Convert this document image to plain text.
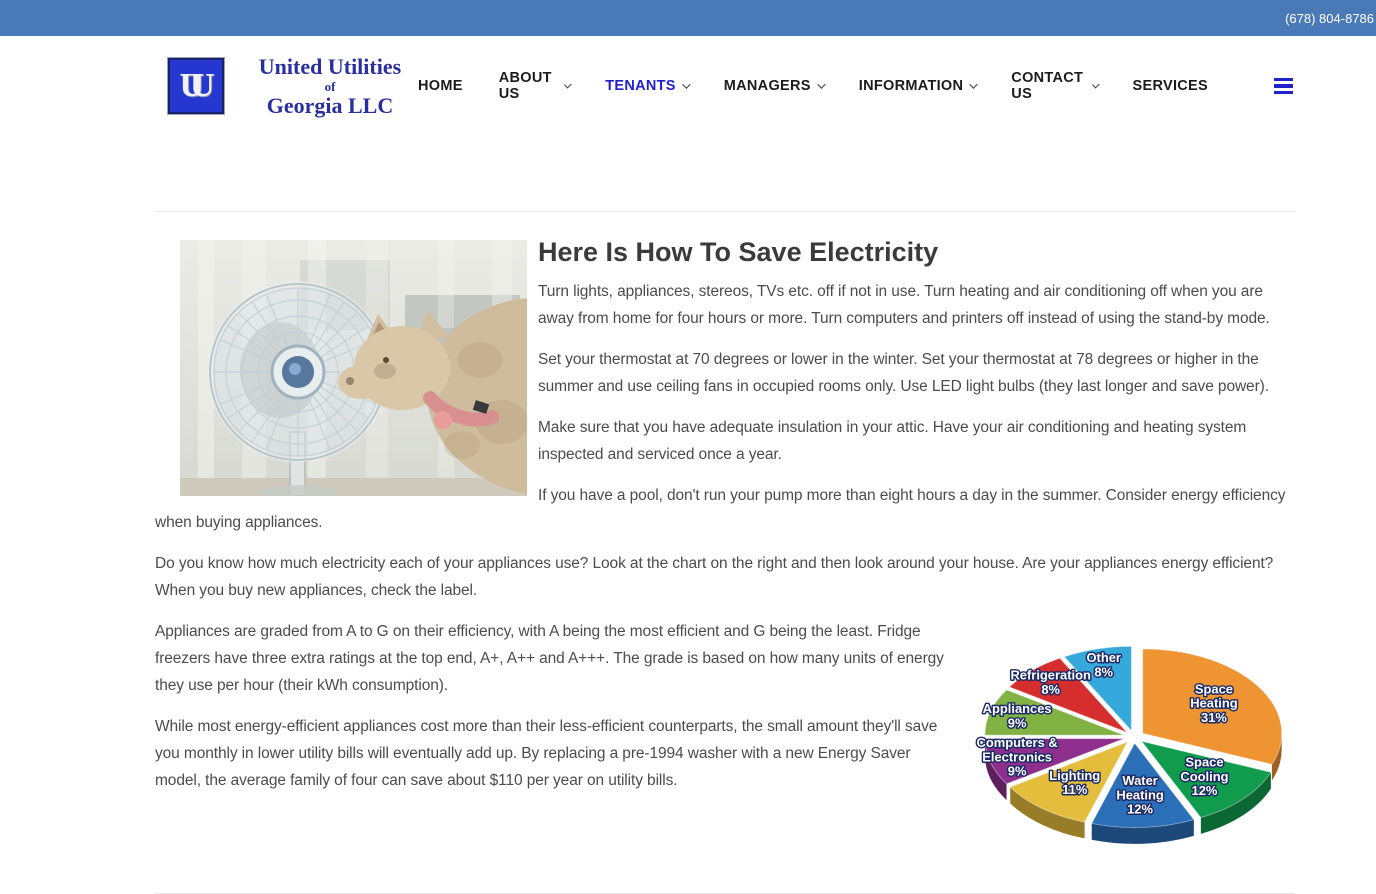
(678) 804-8786
UU
United Utilities
of
Georgia LLC
HOME ABOUT US	TENANTS	MANAGERS	INFORMATION	CONTACT US	SERVICES
Here Is How To Save Electricity

Turn lights, appliances, stereos, TVs etc. off if not in use. Turn heating and air conditioning off when you are away from home for four hours or more. Turn computers and printers off instead of using the stand-by mode.

Set your thermostat at 70 degrees or lower in the winter. Set your thermostat at 78 degrees or higher in the summer and use ceiling fans in occupied rooms only. Use LED light bulbs (they last longer and save power).

Make sure that you have adequate insulation in your attic. Have your air conditioning and heating system inspected and serviced once a year.

If you have a pool, don't run your pump more than eight hours a day in the summer. Consider energy efficiency when buying appliances.

Do you know how much electricity each of your appliances use? Look at the chart on the right and then look around your house. Are your appliances energy efficient? When you buy new appliances, check the label.

Space
Heating
31%
Space
Cooling
12%
Water
Heating
12%
Lighting
11%
Computers &
Electronics
9%
Appliances
9%
Refrigeration
8%
Other
8%

Appliances are graded from A to G on their efficiency, with A being the most efficient and G being the least. Fridge freezers have three extra ratings at the top end, A+, A++ and A+++. The grade is based on how many units of energy they use per hour (their kWh consumption).

While most energy-efficient appliances cost more than their less-efficient counterparts, the small amount they'll save you monthly in lower utility bills will eventually add up. By replacing a pre-1994 washer with a new Energy Saver model, the average family of four can save about $110 per year on utility bills.
